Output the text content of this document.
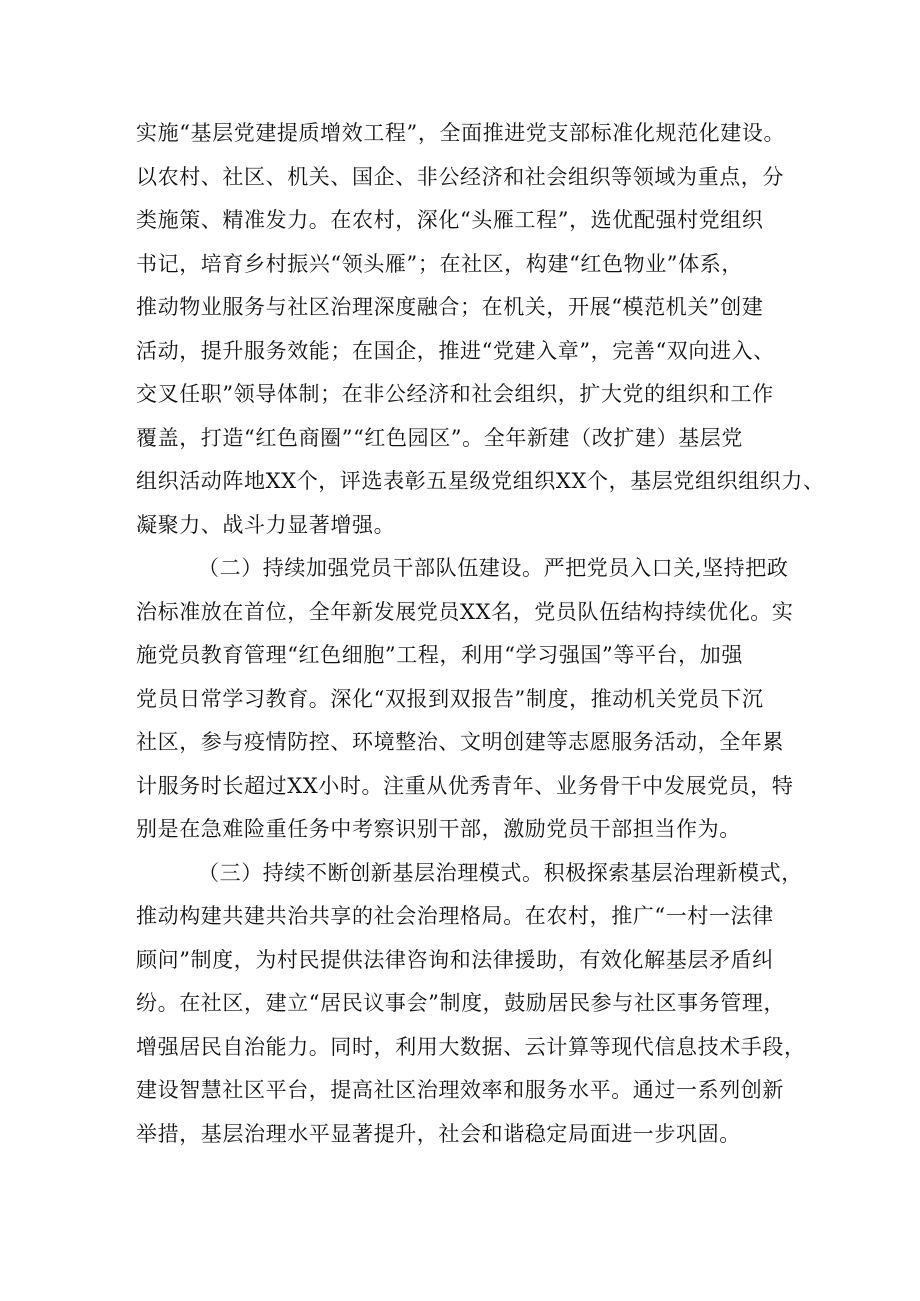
实施“基层党建提质增效工程”，全面推进党支部标准化规范化建设。
以农村、社区、机关、国企、非公经济和社会组织等领域为重点，分
类施策、精准发力。在农村，深化“头雁工程”，选优配强村党组织
书记，培育乡村振兴“领头雁”；在社区，构建“红色物业”体系，
推动物业服务与社区治理深度融合；在机关，开展“模范机关”创建
活动，提升服务效能；在国企，推进“党建入章”，完善“双向进入、
交叉任职”领导体制；在非公经济和社会组织，扩大党的组织和工作
覆盖，打造“红色商圈”“红色园区”。全年新建（改扩建）基层党
组织活动阵地XX个，评选表彰五星级党组织XX个，基层党组织组织力、
凝聚力、战斗力显著增强。
（二）持续加强党员干部队伍建设。严把党员入口关,坚持把政
治标准放在首位，全年新发展党员XX名，党员队伍结构持续优化。实
施党员教育管理“红色细胞”工程，利用“学习强国”等平台，加强
党员日常学习教育。深化“双报到双报告”制度，推动机关党员下沉
社区，参与疫情防控、环境整治、文明创建等志愿服务活动，全年累
计服务时长超过XX小时。注重从优秀青年、业务骨干中发展党员，特
别是在急难险重任务中考察识别干部，激励党员干部担当作为。
（三）持续不断创新基层治理模式。积极探索基层治理新模式，
推动构建共建共治共享的社会治理格局。在农村，推广“一村一法律
顾问”制度，为村民提供法律咨询和法律援助，有效化解基层矛盾纠
纷。在社区，建立“居民议事会”制度，鼓励居民参与社区事务管理，
增强居民自治能力。同时，利用大数据、云计算等现代信息技术手段，
建设智慧社区平台，提高社区治理效率和服务水平。通过一系列创新
举措，基层治理水平显著提升，社会和谐稳定局面进一步巩固。
